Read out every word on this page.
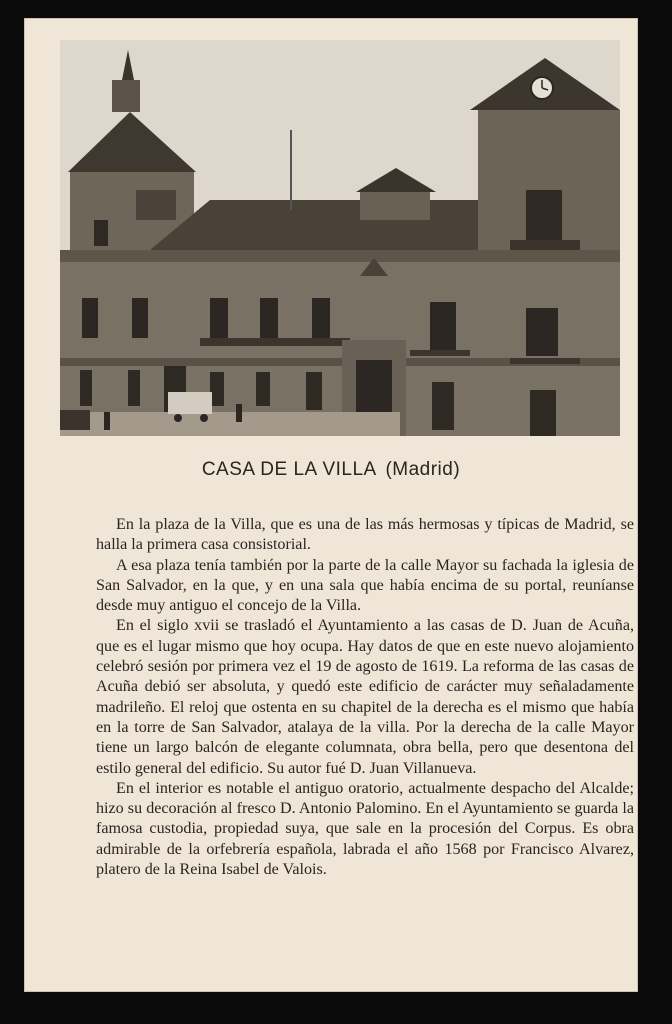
CASA DE LA VILLA (Madrid)

En la plaza de la Villa, que es una de las más hermosas y típicas de Madrid, se halla la primera casa consistorial.

A esa plaza tenía también por la parte de la calle Mayor su fachada la iglesia de San Salvador, en la que, y en una sala que había encima de su portal, reuníanse desde muy antiguo el concejo de la Villa.

En el siglo xvii se trasladó el Ayuntamiento a las casas de D. Juan de Acuña, que es el lugar mismo que hoy ocupa. Hay datos de que en este nuevo alojamiento celebró sesión por primera vez el 19 de agosto de 1619. La reforma de las casas de Acuña debió ser absoluta, y quedó este edificio de carácter muy señaladamente madrileño. El reloj que ostenta en su chapitel de la derecha es el mismo que había en la torre de San Salvador, atalaya de la villa. Por la derecha de la calle Mayor tiene un largo balcón de elegante columnata, obra bella, pero que desentona del estilo general del edificio. Su autor fué D. Juan Villanueva.

En el interior es notable el antiguo oratorio, actualmente despacho del Alcalde; hizo su decoración al fresco D. Antonio Palomino. En el Ayuntamiento se guarda la famosa custodia, propiedad suya, que sale en la procesión del Corpus. Es obra admirable de la orfebrería española, labrada el año 1568 por Francisco Alvarez, platero de la Reina Isabel de Valois.
